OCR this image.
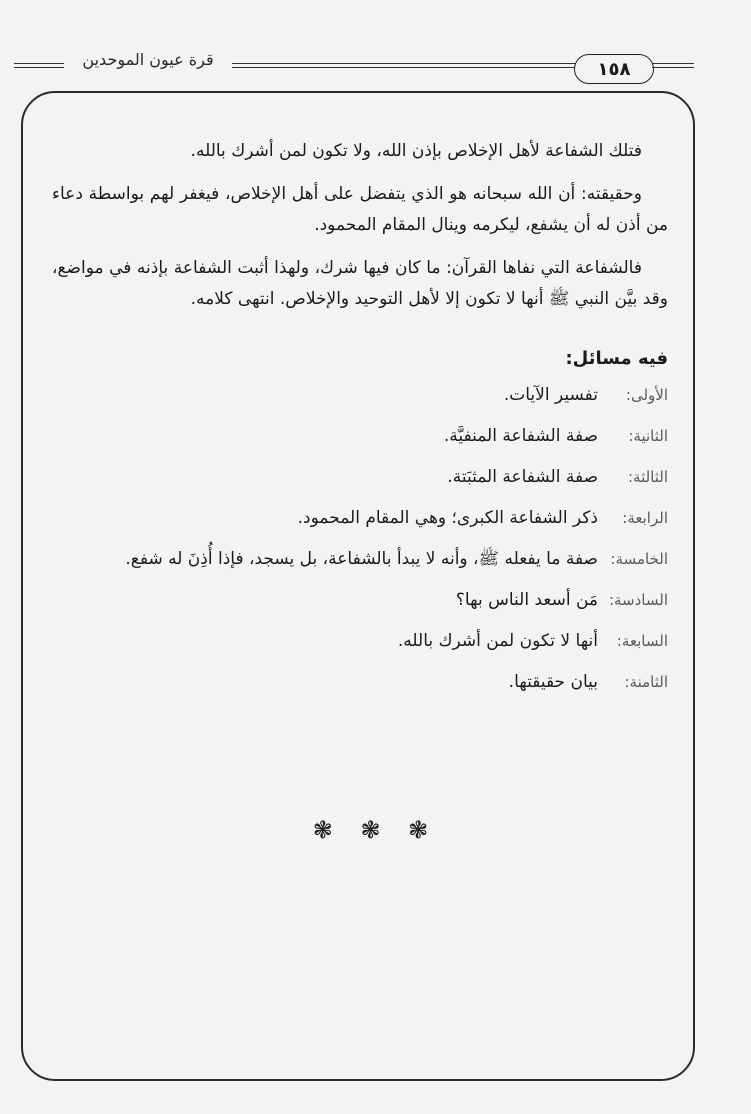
قرة عيون الموحدين	١٥٨

فتلك الشفاعة لأهل الإخلاص بإذن الله، ولا تكون لمن أشرك بالله.

وحقيقته: أن الله سبحانه هو الذي يتفضل على أهل الإخلاص، فيغفر لهم بواسطة دعاء من أذن له أن يشفع، ليكرمه وينال المقام المحمود.

فالشفاعة التي نفاها القرآن: ما كان فيها شرك، ولهذا أثبت الشفاعة بإذنه في مواضع، وقد بيَّن النبي ﷺ أنها لا تكون إلا لأهل التوحيد والإخلاص. انتهى كلامه.

فيه مسائل:
الأولى:
تفسير الآيات.
الثانية:
صفة الشفاعة المنفيَّة.
الثالثة:
صفة الشفاعة المثبَتة.
الرابعة:
ذكر الشفاعة الكبرى؛ وهي المقام المحمود.
الخامسة:
صفة ما يفعله ﷺ، وأنه لا يبدأ بالشفاعة، بل يسجد، فإذا أُذِنَ له شفع.
السادسة:
مَن أسعد الناس بها؟
السابعة:
أنها لا تكون لمن أشرك بالله.
الثامنة:
بيان حقيقتها.
❃ ❃ ❃
